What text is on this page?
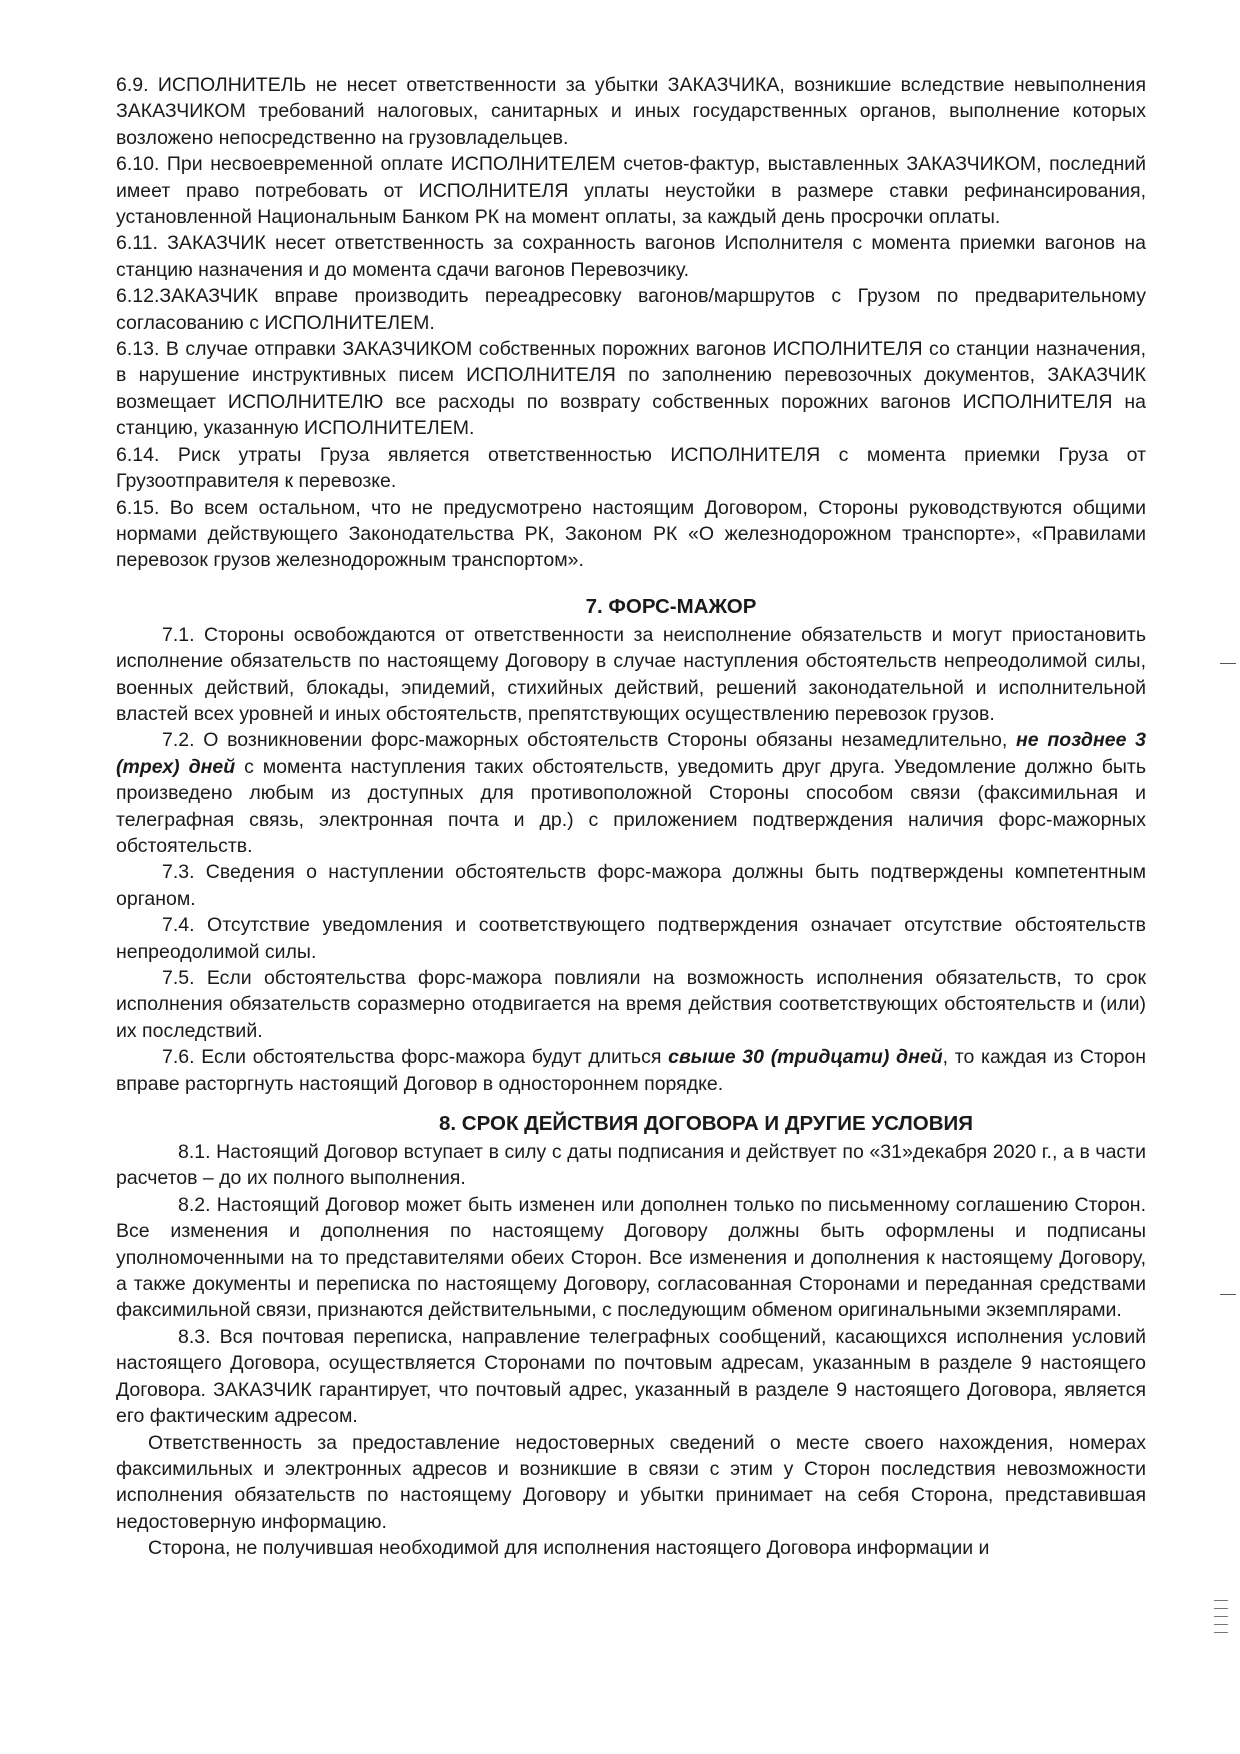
6.9. ИСПОЛНИТЕЛЬ не несет ответственности за убытки ЗАКАЗЧИКА, возникшие вследствие невыполнения ЗАКАЗЧИКОМ требований налоговых, санитарных и иных государственных органов, выполнение которых возложено непосредственно на грузовладельцев.

6.10. При несвоевременной оплате ИСПОЛНИТЕЛЕМ счетов-фактур, выставленных ЗАКАЗЧИКОМ, последний имеет право потребовать от ИСПОЛНИТЕЛЯ уплаты неустойки в размере ставки рефинансирования, установленной Национальным Банком РК на момент оплаты, за каждый день просрочки оплаты.

6.11. ЗАКАЗЧИК несет ответственность за сохранность вагонов Исполнителя с момента приемки вагонов на станцию назначения и до момента сдачи вагонов Перевозчику.

6.12.ЗАКАЗЧИК вправе производить переадресовку вагонов/маршрутов с Грузом по предварительному согласованию с ИСПОЛНИТЕЛЕМ.

6.13. В случае отправки ЗАКАЗЧИКОМ собственных порожних вагонов ИСПОЛНИТЕЛЯ со станции назначения, в нарушение инструктивных писем ИСПОЛНИТЕЛЯ по заполнению перевозочных документов, ЗАКАЗЧИК возмещает ИСПОЛНИТЕЛЮ все расходы по возврату собственных порожних вагонов ИСПОЛНИТЕЛЯ на станцию, указанную ИСПОЛНИТЕЛЕМ.

6.14. Риск утраты Груза является ответственностью ИСПОЛНИТЕЛЯ с момента приемки Груза от Грузоотправителя к перевозке.

6.15. Во всем остальном, что не предусмотрено настоящим Договором, Стороны руководствуются общими нормами действующего Законодательства РК, Законом РК «О железнодорожном транспорте», «Правилами перевозок грузов железнодорожным транспортом».

7. ФОРС-МАЖОР

7.1. Стороны освобождаются от ответственности за неисполнение обязательств и могут приостановить исполнение обязательств по настоящему Договору в случае наступления обстоятельств непреодолимой силы, военных действий, блокады, эпидемий, стихийных действий, решений законодательной и исполнительной властей всех уровней и иных обстоятельств, препятствующих осуществлению перевозок грузов.

7.2. О возникновении форс-мажорных обстоятельств Стороны обязаны незамедлительно, не позднее 3 (трех) дней с момента наступления таких обстоятельств, уведомить друг друга. Уведомление должно быть произведено любым из доступных для противоположной Стороны способом связи (факсимильная и телеграфная связь, электронная почта и др.) с приложением подтверждения наличия форс-мажорных обстоятельств.

7.3. Сведения о наступлении обстоятельств форс-мажора должны быть подтверждены компетентным органом.

7.4. Отсутствие уведомления и соответствующего подтверждения означает отсутствие обстоятельств непреодолимой силы.

7.5. Если обстоятельства форс-мажора повлияли на возможность исполнения обязательств, то срок исполнения обязательств соразмерно отодвигается на время действия соответствующих обстоятельств и (или) их последствий.

7.6. Если обстоятельства форс-мажора будут длиться свыше 30 (тридцати) дней, то каждая из Сторон вправе расторгнуть настоящий Договор в одностороннем порядке.

8. СРОК ДЕЙСТВИЯ ДОГОВОРА И ДРУГИЕ УСЛОВИЯ

8.1. Настоящий Договор вступает в силу с даты подписания и действует по «31»декабря 2020 г., а в части расчетов – до их полного выполнения.

8.2. Настоящий Договор может быть изменен или дополнен только по письменному соглашению Сторон. Все изменения и дополнения по настоящему Договору должны быть оформлены и подписаны уполномоченными на то представителями обеих Сторон. Все изменения и дополнения к настоящему Договору, а также документы и переписка по настоящему Договору, согласованная Сторонами и переданная средствами факсимильной связи, признаются действительными, с последующим обменом оригинальными экземплярами.

8.3. Вся почтовая переписка, направление телеграфных сообщений, касающихся исполнения условий настоящего Договора, осуществляется Сторонами по почтовым адресам, указанным в разделе 9 настоящего Договора. ЗАКАЗЧИК гарантирует, что почтовый адрес, указанный в разделе 9 настоящего Договора, является его фактическим адресом.

Ответственность за предоставление недостоверных сведений о месте своего нахождения, номерах факсимильных и электронных адресов и возникшие в связи с этим у Сторон последствия невозможности исполнения обязательств по настоящему Договору и убытки принимает на себя Сторона, представившая недостоверную информацию.

Сторона, не получившая необходимой для исполнения настоящего Договора информации и
